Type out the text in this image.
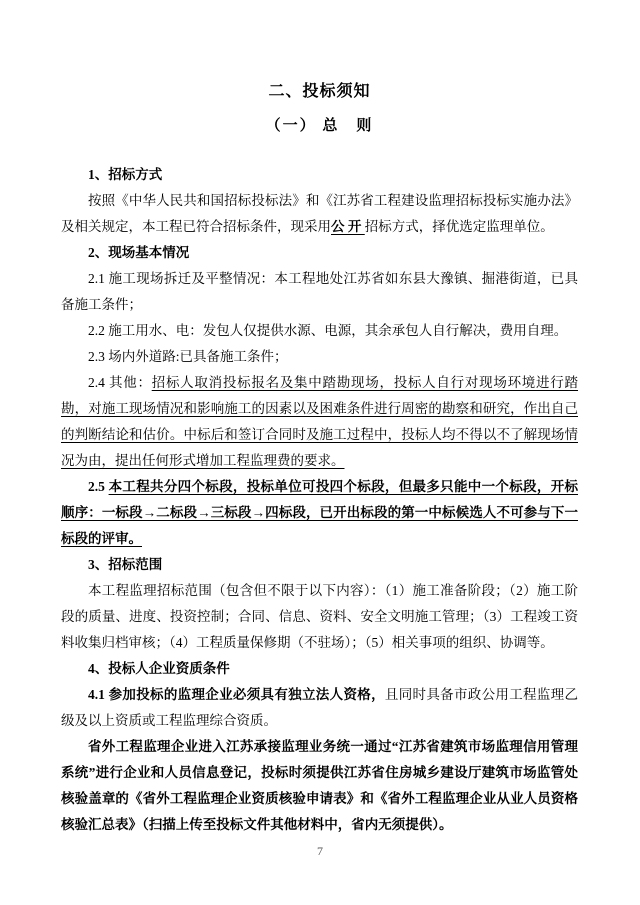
二、投标须知
（一） 总　则

1、招标方式

按照《中华人民共和国招标投标法》和《江苏省工程建设监理招标投标实施办法》及相关规定，本工程已符合招标条件，现采用公 开 招标方式，择优选定监理单位。

2、现场基本情况

2.1 施工现场拆迁及平整情况：本工程地处江苏省如东县大豫镇、掘港街道，已具备施工条件；

2.2 施工用水、电：发包人仅提供水源、电源，其余承包人自行解决，费用自理。

2.3 场内外道路:已具备施工条件；

2.4 其他：招标人取消投标报名及集中踏勘现场，投标人自行对现场环境进行踏勘，对施工现场情况和影响施工的因素以及困难条件进行周密的勘察和研究，作出自己的判断结论和估价。中标后和签订合同时及施工过程中，投标人均不得以不了解现场情况为由，提出任何形式增加工程监理费的要求。

2.5 本工程共分四个标段，投标单位可投四个标段，但最多只能中一个标段，开标顺序：一标段→二标段→三标段→四标段，已开出标段的第一中标候选人不可参与下一标段的评审。

3、招标范围

本工程监理招标范围（包含但不限于以下内容）：（1）施工准备阶段；（2）施工阶段的质量、进度、投资控制；合同、信息、资料、安全文明施工管理；（3）工程竣工资料收集归档审核；（4）工程质量保修期（不驻场）；（5）相关事项的组织、协调等。

4、投标人企业资质条件

4.1 参加投标的监理企业必须具有独立法人资格，且同时具备市政公用工程监理乙级及以上资质或工程监理综合资质。

省外工程监理企业进入江苏承接监理业务统一通过“江苏省建筑市场监理信用管理系统”进行企业和人员信息登记，投标时须提供江苏省住房城乡建设厅建筑市场监管处核验盖章的《省外工程监理企业资质核验申请表》和《省外工程监理企业从业人员资格核验汇总表》（扫描上传至投标文件其他材料中，省内无须提供）。

7
